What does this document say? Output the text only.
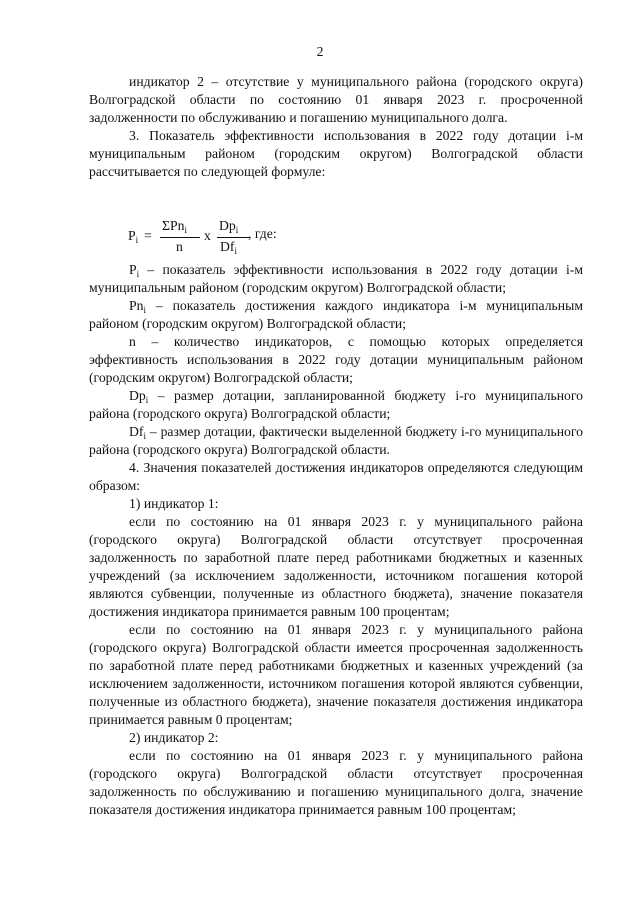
2

индикатор 2 – отсутствие у муниципального района (городского округа) Волгоградской области по состоянию 01 января 2023 г. просроченной задолженности по обслуживанию и погашению муниципального долга.

3. Показатель эффективности использования в 2022 году дотации i-м муниципальным районом (городским округом) Волгоградской области рассчитывается по следующей формуле:

$P_i$ =
ΣPn$_i$
n
x
$Dp_i$
$Df_i$
, где:

$P_i$ – показатель эффективности использования в 2022 году дотации i-м муниципальным районом (городским округом) Волгоградской области;

$Pn_i$ – показатель достижения каждого индикатора i-м муниципальным районом (городским округом) Волгоградской области;

n – количество индикаторов, с помощью которых определяется эффективность использования в 2022 году дотации муниципальным районом (городским округом) Волгоградской области;

$Dp_i$ – размер дотации, запланированной бюджету i-го муниципального района (городского округа) Волгоградской области;

$Df_i$ – размер дотации, фактически выделенной бюджету i-го муниципального района (городского округа) Волгоградской области.

4. Значения показателей достижения индикаторов определяются следующим образом:

1) индикатор 1:

если по состоянию на 01 января 2023 г. у муниципального района (городского округа) Волгоградской области отсутствует просроченная задолженность по заработной плате перед работниками бюджетных и казенных учреждений (за исключением задолженности, источником погашения которой являются субвенции, полученные из областного бюджета), значение показателя достижения индикатора принимается равным 100 процентам;

если по состоянию на 01 января 2023 г. у муниципального района (городского округа) Волгоградской области имеется просроченная задолженность по заработной плате перед работниками бюджетных и казенных учреждений (за исключением задолженности, источником погашения которой являются субвенции, полученные из областного бюджета), значение показателя достижения индикатора принимается равным 0 процентам;

2) индикатор 2:

если по состоянию на 01 января 2023 г. у муниципального района (городского округа) Волгоградской области отсутствует просроченная задолженность по обслуживанию и погашению муниципального долга, значение показателя достижения индикатора принимается равным 100 процентам;
